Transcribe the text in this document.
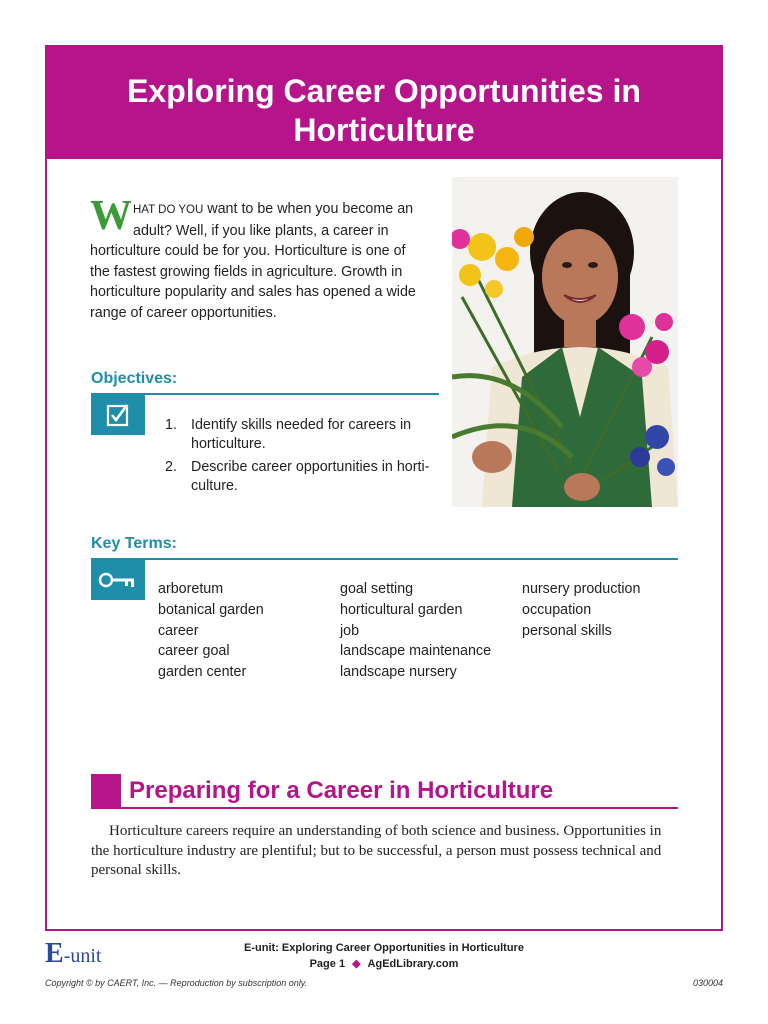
Exploring Career Opportunities in Horticulture
WHAT DO YOU want to be when you become an adult? Well, if you like plants, a career in horticulture could be for you. Horticulture is one of the fastest growing fields in agriculture. Growth in horticulture popularity and sales has opened a wide range of career opportunities.
Objectives:
1. Identify skills needed for careers in horticulture.
2. Describe career opportunities in horti-culture.
Key Terms:
arboretum
botanical garden
career
career goal
garden center
goal setting
horticultural garden
job
landscape maintenance
landscape nursery
nursery production
occupation
personal skills
Preparing for a Career in Horticulture

Horticulture careers require an understanding of both science and business. Opportunities in the horticulture industry are plentiful; but to be successful, a person must possess technical and personal skills.

E-unit	E-unit: Exploring Career Opportunities in Horticulture
Page 1 ◆ AgEdLibrary.com
Copyright © by CAERT, Inc. — Reproduction by subscription only.	030004
